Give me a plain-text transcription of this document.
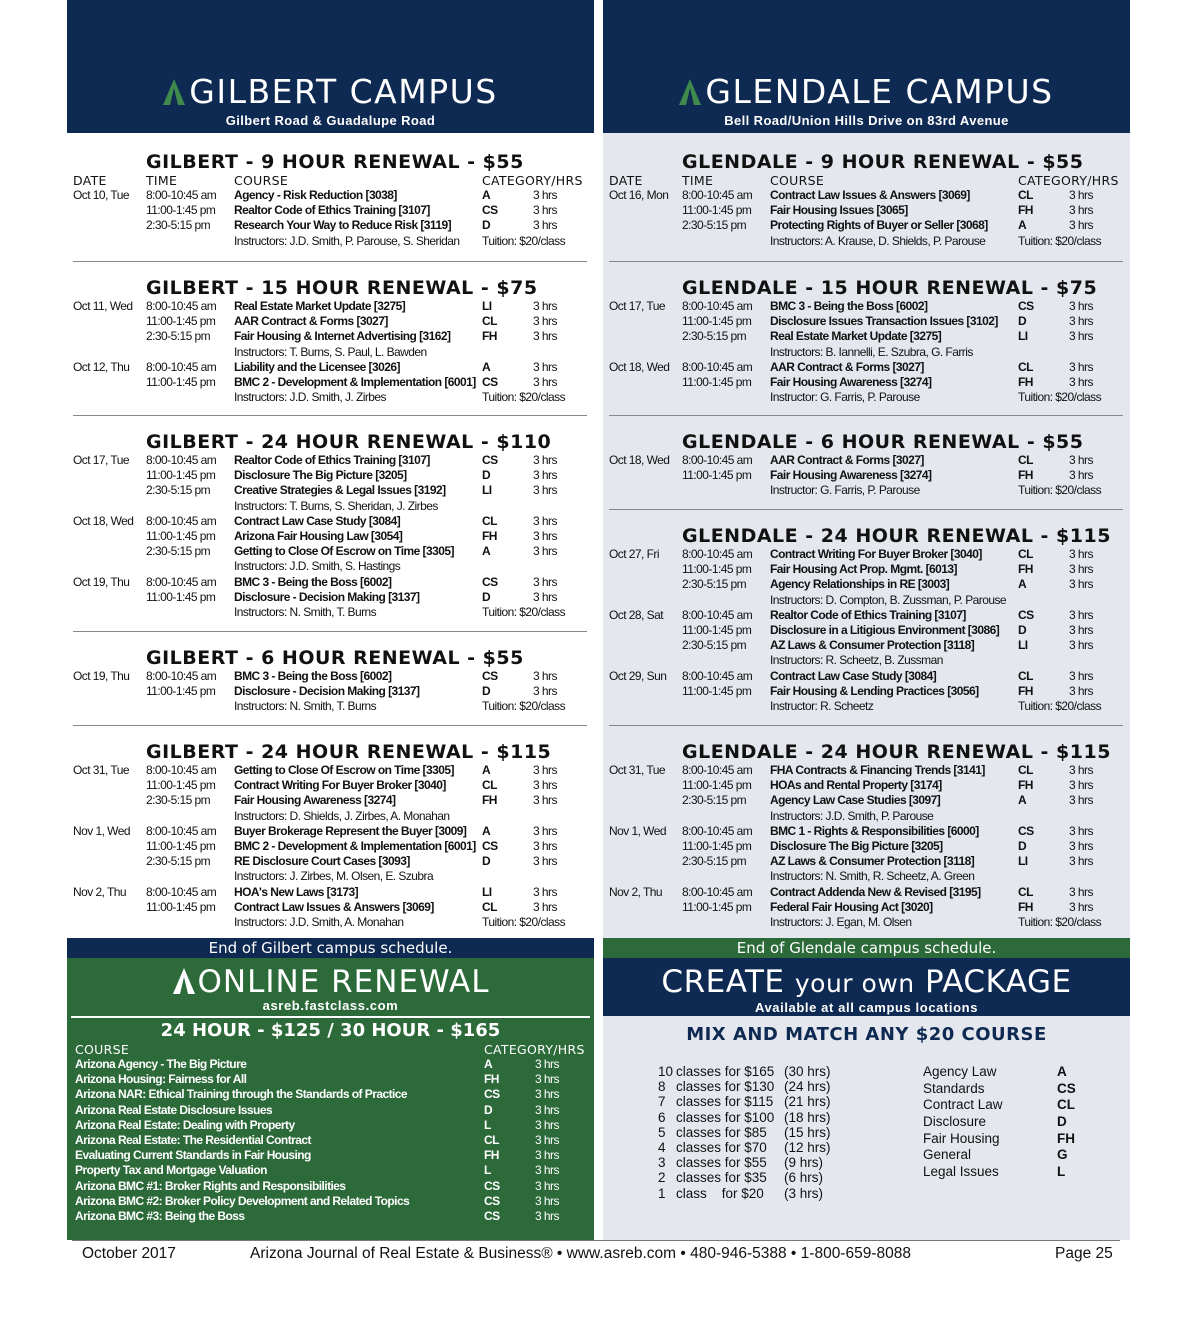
GILBERT CAMPUS
Gilbert Road & Guadalupe Road
GILBERT - 9 HOUR RENEWAL - $55
DATE	TIME	COURSE	CATEGORY/HRS
Oct 10, Tue 8:00-10:45 am Agency - Risk Reduction [3038]	A	3 hrs
11:00-1:45 pm Realtor Code of Ethics Training [3107]	CS	3 hrs
2:30-5:15 pm Research Your Way to Reduce Risk [3119]	D	3 hrs
Instructors: J.D. Smith, P. Parouse, S. Sheridan Tuition: $20/class
GILBERT - 15 HOUR RENEWAL - $75
Oct 11, Wed 8:00-10:45 am Real Estate Market Update [3275]	LI	3 hrs
11:00-1:45 pm AAR Contract & Forms [3027]	CL	3 hrs
2:30-5:15 pm Fair Housing & Internet Advertising [3162]	FH	3 hrs
Instructors: T. Burns, S. Paul, L. Bawden
Oct 12, Thu 8:00-10:45 am Liability and the Licensee [3026]	A	3 hrs
11:00-1:45 pm BMC 2 - Development & Implementation [6001] CS	3 hrs
Instructors: J.D. Smith, J. Zirbes	Tuition: $20/class
GILBERT - 24 HOUR RENEWAL - $110
Oct 17, Tue 8:00-10:45 am Realtor Code of Ethics Training [3107]	CS	3 hrs
11:00-1:45 pm Disclosure The Big Picture [3205]	D	3 hrs
2:30-5:15 pm Creative Strategies & Legal Issues [3192]	LI	3 hrs
Instructors: T. Burns, S. Sheridan, J. Zirbes
Oct 18, Wed 8:00-10:45 am Contract Law Case Study [3084]	CL	3 hrs
11:00-1:45 pm Arizona Fair Housing Law [3054]	FH	3 hrs
2:30-5:15 pm Getting to Close Of Escrow on Time [3305] A	3 hrs
Instructors: J.D. Smith, S. Hastings
Oct 19, Thu 8:00-10:45 am BMC 3 - Being the Boss [6002]	CS	3 hrs
11:00-1:45 pm Disclosure - Decision Making [3137]	D	3 hrs
Instructors: N. Smith, T. Burns	Tuition: $20/class
GILBERT - 6 HOUR RENEWAL - $55
Oct 19, Thu 8:00-10:45 am BMC 3 - Being the Boss [6002]	CS	3 hrs
11:00-1:45 pm Disclosure - Decision Making [3137]	D	3 hrs
Instructors: N. Smith, T. Burns	Tuition: $20/class
GILBERT - 24 HOUR RENEWAL - $115
Oct 31, Tue 8:00-10:45 am Getting to Close Of Escrow on Time [3305] A	3 hrs
11:00-1:45 pm Contract Writing For Buyer Broker [3040]	CL	3 hrs
2:30-5:15 pm Fair Housing Awareness [3274]	FH	3 hrs
Instructors: D. Shields, J. Zirbes, A. Monahan
Nov 1, Wed 8:00-10:45 am Buyer Brokerage Represent the Buyer [3009] A	3 hrs
11:00-1:45 pm BMC 2 - Development & Implementation [6001] CS	3 hrs
2:30-5:15 pm RE Disclosure Court Cases [3093]	D	3 hrs
Instructors: J. Zirbes, M. Olsen, E. Szubra
Nov 2, Thu 8:00-10:45 am HOA's New Laws [3173]	LI	3 hrs
11:00-1:45 pm Contract Law Issues & Answers [3069]	CL	3 hrs
Instructors: J.D. Smith, A. Monahan	Tuition: $20/class
End of Gilbert campus schedule.
ONLINE RENEWAL
asreb.fastclass.com
24 HOUR - $125 / 30 HOUR - $165
COURSE	CATEGORY/HRS
Arizona Agency - The Big Picture	A	3 hrs
Arizona Housing: Fairness for All	FH	3 hrs
Arizona NAR: Ethical Training through the Standards of Practice	CS	3 hrs
Arizona Real Estate Disclosure Issues	D	3 hrs
Arizona Real Estate: Dealing with Property	L	3 hrs
Arizona Real Estate: The Residential Contract	CL	3 hrs
Evaluating Current Standards in Fair Housing	FH	3 hrs
Property Tax and Mortgage Valuation	L	3 hrs
Arizona BMC #1: Broker Rights and Responsibilities	CS	3 hrs
Arizona BMC #2: Broker Policy Development and Related Topics	CS	3 hrs
Arizona BMC #3: Being the Boss	CS	3 hrs
GLENDALE CAMPUS
Bell Road/Union Hills Drive on 83rd Avenue
GLENDALE - 9 HOUR RENEWAL - $55
DATE	TIME	COURSE	CATEGORY/HRS
Oct 16, Mon 8:00-10:45 am Contract Law Issues & Answers [3069]	CL	3 hrs
11:00-1:45 pm Fair Housing Issues [3065]	FH	3 hrs
2:30-5:15 pm Protecting Rights of Buyer or Seller [3068]	A	3 hrs
Instructors: A. Krause, D. Shields, P. Parouse	Tuition: $20/class
GLENDALE - 15 HOUR RENEWAL - $75
Oct 17, Tue 8:00-10:45 am BMC 3 - Being the Boss [6002]	CS	3 hrs
11:00-1:45 pm Disclosure Issues Transaction Issues [3102] D	3 hrs
2:30-5:15 pm Real Estate Market Update [3275]	LI	3 hrs
Instructors: B. Iannelli, E. Szubra, G. Farris
Oct 18, Wed 8:00-10:45 am AAR Contract & Forms [3027]	CL	3 hrs
11:00-1:45 pm Fair Housing Awareness [3274]	FH	3 hrs
Instructor: G. Farris, P. Parouse	Tuition: $20/class
GLENDALE - 6 HOUR RENEWAL - $55
Oct 18, Wed 8:00-10:45 am AAR Contract & Forms [3027]	CL	3 hrs
11:00-1:45 pm Fair Housing Awareness [3274]	FH	3 hrs
Instructor: G. Farris, P. Parouse	Tuition: $20/class
GLENDALE - 24 HOUR RENEWAL - $115
Oct 27, Fri 8:00-10:45 am Contract Writing For Buyer Broker [3040]	CL	3 hrs
11:00-1:45 pm Fair Housing Act Prop. Mgmt. [6013]	FH	3 hrs
2:30-5:15 pm Agency Relationships in RE [3003]	A	3 hrs
Instructors: D. Compton, B. Zussman, P. Parouse
Oct 28, Sat 8:00-10:45 am Realtor Code of Ethics Training [3107]	CS	3 hrs
11:00-1:45 pm Disclosure in a Litigious Environment [3086] D	3 hrs
2:30-5:15 pm AZ Laws & Consumer Protection [3118]	LI	3 hrs
Instructors: R. Scheetz, B. Zussman
Oct 29, Sun 8:00-10:45 am Contract Law Case Study [3084]	CL	3 hrs
11:00-1:45 pm Fair Housing & Lending Practices [3056]	FH	3 hrs
Instructor: R. Scheetz	Tuition: $20/class
GLENDALE - 24 HOUR RENEWAL - $115
Oct 31, Tue 8:00-10:45 am FHA Contracts & Financing Trends [3141]	CL	3 hrs
11:00-1:45 pm HOAs and Rental Property [3174]	FH	3 hrs
2:30-5:15 pm Agency Law Case Studies [3097]	A	3 hrs
Instructors: J.D. Smith, P. Parouse
Nov 1, Wed 8:00-10:45 am BMC 1 - Rights & Responsibilities [6000]	CS	3 hrs
11:00-1:45 pm Disclosure The Big Picture [3205]	D	3 hrs
2:30-5:15 pm AZ Laws & Consumer Protection [3118]	LI	3 hrs
Instructors: N. Smith, R. Scheetz, A. Green
Nov 2, Thu 8:00-10:45 am Contract Addenda New & Revised [3195]	CL	3 hrs
11:00-1:45 pm Federal Fair Housing Act [3020]	FH	3 hrs
Instructors: J. Egan, M. Olsen	Tuition: $20/class
End of Glendale campus schedule.
CREATE your own PACKAGE
Available at all campus locations
MIX AND MATCH ANY $20 COURSE
10 classes for $165 (30 hrs)
8 classes for $130 (24 hrs)
7 classes for $115 (21 hrs)
6 classes for $100 (18 hrs)
5 classes for $85 (15 hrs)
4 classes for $70 (12 hrs)
3 classes for $55 (9 hrs)
2 classes for $35 (6 hrs)
1 class    for $20 (3 hrs)
Agency Law	A
Standards	CS
Contract Law	CL
Disclosure	D
Fair Housing	FH
General	G
Legal Issues	L
October 2017	Arizona Journal of Real Estate & Business® • www.asreb.com • 480-946-5388 • 1-800-659-8088	Page 25
